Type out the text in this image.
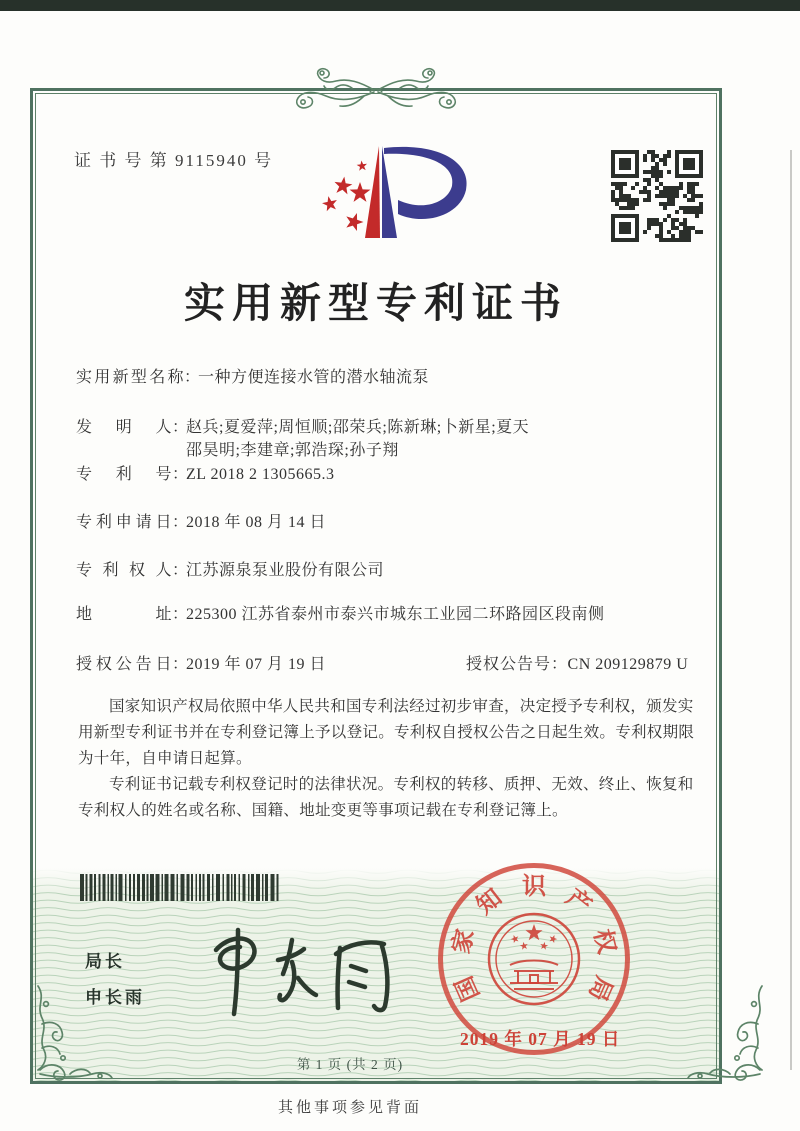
证 书 号 第 9115940 号
实用新型专利证书
实用新型名称：一种方便连接水管的潜水轴流泵
发明人：赵兵;夏爱萍;周恒顺;邵荣兵;陈新琳;卜新星;夏天
邵昊明;李建章;郭浩琛;孙子翔
专利号：ZL 2018 2 1305665.3
专利申请日：2018 年 08 月 14 日
专利权人：江苏源泉泵业股份有限公司
地址：225300 江苏省泰州市泰兴市城东工业园二环路园区段南侧
授权公告日：2019 年 07 月 19 日	授权公告号：CN 209129879 U

国家知识产权局依照中华人民共和国专利法经过初步审查，决定授予专利权，颁发实用新型专利证书并在专利登记簿上予以登记。专利权自授权公告之日起生效。专利权期限为十年，自申请日起算。

专利证书记载专利权登记时的法律状况。专利权的转移、质押、无效、终止、恢复和专利权人的姓名或名称、国籍、地址变更等事项记载在专利登记簿上。

局长
申长雨	国
家
知 识 产
权
局
2019 年 07 月 19 日
第 1 页 (共 2 页)
其他事项参见背面
